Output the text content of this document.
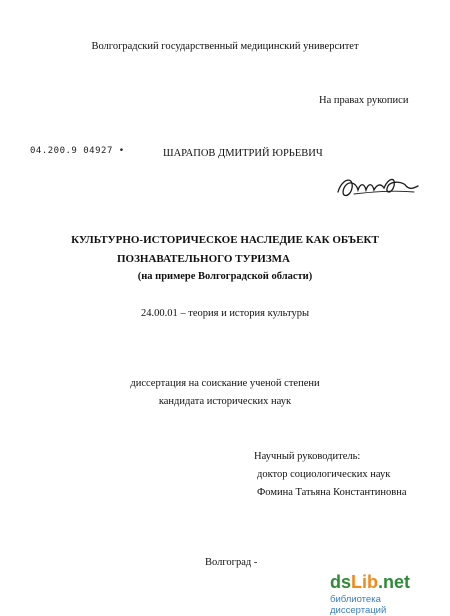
Волгоградский государственный медицинский университет
На правах рукописи
04.200.9 04927 •	ШАРАПОВ ДМИТРИЙ ЮРЬЕВИЧ
КУЛЬТУРНО-ИСТОРИЧЕСКОЕ НАСЛЕДИЕ КАК ОБЪЕКТ
ПОЗНАВАТЕЛЬНОГО ТУРИЗМА
(на примере Волгоградской области)
24.00.01 – теория и история культуры
диссертация на соискание ученой степени
кандидата исторических наук
Научный руководитель:
доктор социологических наук
Фомина Татьяна Константиновна
Волгоград -
dsLib.net
библиотека диссертаций
